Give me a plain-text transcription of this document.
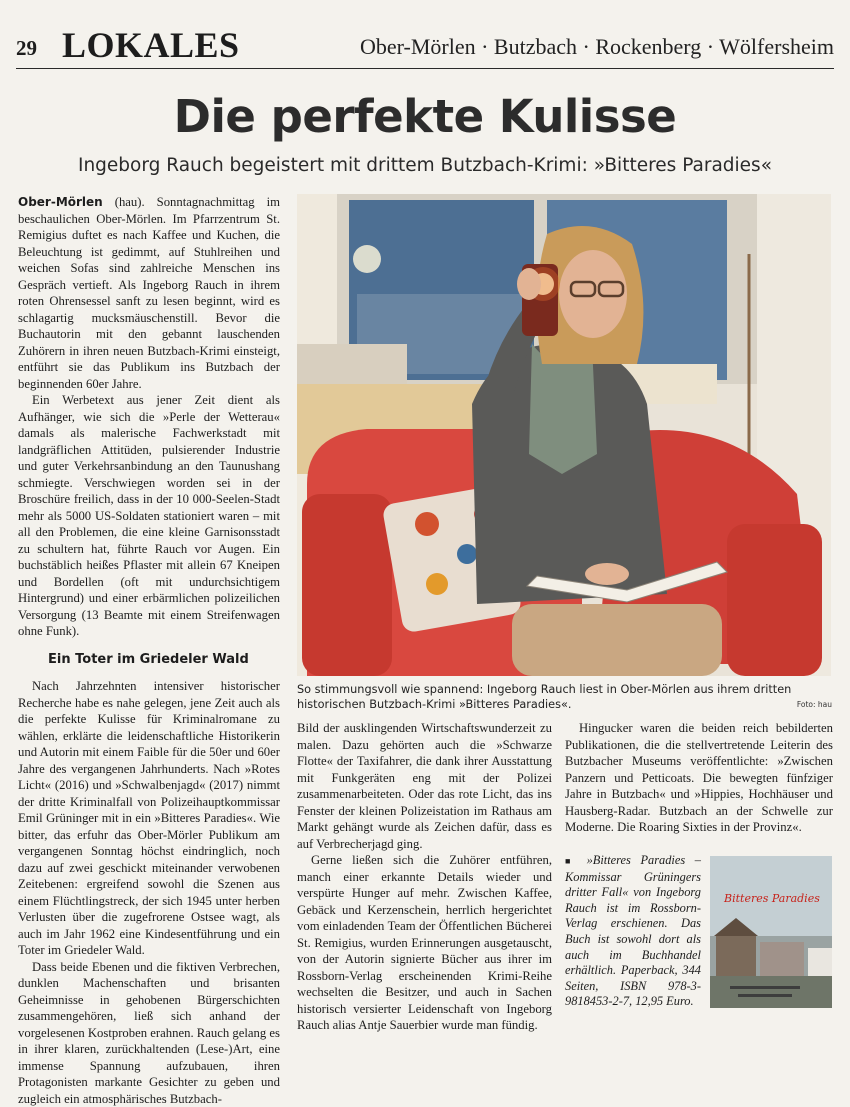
29 LOKALES	Ober-Mörlen · Butzbach · Rockenberg · Wölfersheim
Die perfekte Kulisse
Ingeborg Rauch begeistert mit drittem Butzbach-Krimi: »Bitteres Paradies«

Ober-Mörlen (hau). Sonntagnachmittag im beschaulichen Ober-Mörlen. Im Pfarrzentrum St. Remigius duftet es nach Kaffee und Kuchen, die Beleuchtung ist gedimmt, auf Stuhlreihen und weichen Sofas sind zahlreiche Menschen ins Gespräch vertieft. Als Ingeborg Rauch in ihrem roten Ohrensessel sanft zu lesen beginnt, wird es schlagartig mucksmäuschenstill. Bevor die Buchautorin mit den gebannt lauschenden Zuhörern in ihren neuen Butzbach-Krimi einsteigt, entführt sie das Publikum ins Butzbach der beginnenden 60er Jahre.

Ein Werbetext aus jener Zeit dient als Aufhänger, wie sich die »Perle der Wetterau« damals als malerische Fachwerkstadt mit landgräflichen Attitüden, pulsierender Industrie und guter Verkehrsanbindung an den Taunushang schmiegte. Verschwiegen worden sei in der Broschüre freilich, dass in der 10 000-Seelen-Stadt mehr als 5000 US-Soldaten stationiert waren – mit all den Problemen, die eine kleine Garnisonsstadt zu schultern hat, führte Rauch vor Augen. Ein buchstäblich heißes Pflaster mit allein 67 Kneipen und Bordellen (oft mit undurchsichtigem Hintergrund) und einer erbärmlichen polizeilichen Versorgung (13 Beamte mit einem Streifenwagen ohne Funk).

Ein Toter im Griedeler Wald

Nach Jahrzehnten intensiver historischer Recherche habe es nahe gelegen, jene Zeit auch als die perfekte Kulisse für Kriminalromane zu wählen, erklärte die leidenschaftliche Historikerin und Autorin mit einem Faible für die 50er und 60er Jahre des vergangenen Jahrhunderts. Nach »Rotes Licht« (2016) und »Schwalbenjagd« (2017) nimmt der dritte Kriminalfall von Polizeihauptkommissar Emil Grüninger mit in ein »Bitteres Paradies«. Wie bitter, das erfuhr das Ober-Mörler Publikum am vergangenen Sonntag höchst eindringlich, noch dazu auf zwei geschickt miteinander verwobenen Zeitebenen: ergreifend sowohl die Szenen aus einem Flüchtlingstreck, der sich 1945 unter herben Verlusten über die zugefrorene Ostsee wagt, als auch im Jahr 1962 eine Kindesentführung und ein Toter im Griedeler Wald.

Dass beide Ebenen und die fiktiven Verbrechen, dunklen Machenschaften und brisanten Geheimnisse in gehobenen Bürgerschichten zusammengehören, ließ sich anhand der vorgelesenen Kostproben erahnen. Rauch gelang es in ihrer klaren, zurückhaltenden (Lese-)Art, eine immense Spannung aufzubauen, ihren Protagonisten markante Gesichter zu geben und zugleich ein atmosphärisches Butzbach-

So stimmungsvoll wie spannend: Ingeborg Rauch liest in Ober-Mörlen aus ihrem dritten historischen Butzbach-Krimi »Bitteres Paradies«.	Foto: hau

Bild der ausklingenden Wirtschaftswunderzeit zu malen. Dazu gehörten auch die »Schwarze Flotte« der Taxifahrer, die dank ihrer Ausstattung mit Funkgeräten eng mit der Polizei zusammenarbeiteten. Oder das rote Licht, das ins Fenster der kleinen Polizeistation im Rathaus am Markt gehängt wurde als Zeichen dafür, dass es auf Verbrecherjagd ging.

Gerne ließen sich die Zuhörer entführen, manch einer erkannte Details wieder und verspürte Hunger auf mehr. Zwischen Kaffee, Gebäck und Kerzenschein, herrlich hergerichtet vom einladenden Team der Öffentlichen Bücherei St. Remigius, wurden Erinnerungen ausgetauscht, von der Autorin signierte Bücher aus ihrer im Rossborn-Verlag erscheinenden Krimi-Reihe wechselten die Besitzer, und auch in Sachen historisch versierter Leidenschaft von Ingeborg Rauch alias Antje Sauerbier wurde man fündig.

Hingucker waren die beiden reich bebilderten Publikationen, die die stellvertretende Leiterin des Butzbacher Museums veröffentlichte: »Zwischen Panzern und Petticoats. Die bewegten fünfziger Jahre in Butzbach« und »Hippies, Hochhäuser und Hausberg-Radar. Butzbach an der Schwelle zur Moderne. Die Roaring Sixties in der Provinz«.

■ »Bitteres Paradies – Kommissar Grüningers dritter Fall« von Ingeborg Rauch ist im Rossborn-Verlag erschienen. Das Buch ist sowohl dort als auch im Buchhandel erhältlich. Paperback, 344 Seiten, ISBN 978-3-9818453-2-7, 12,95 Euro.
Bitteres Paradies
